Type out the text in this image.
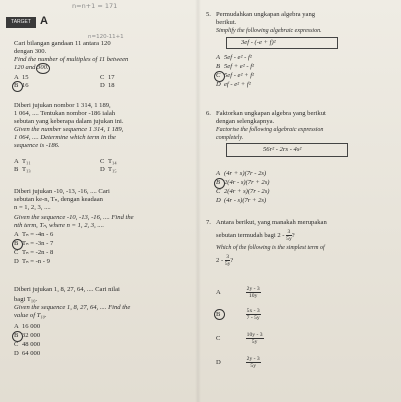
n=n+1 = 171
TARGET A
Cari bilangan gandaan 11 antara 120
dengan 300.
Find the number of multiples of 11 between
120 and 300.
n=120-11+1
A 15
B 16
C 17
D 18
Diberi jujukan nombor 1 314, 1 189,
1 064, .... Tentukan nombor -186 ialah
sebutan yang keberapa dalam jujukan ini.
Given the number sequence 1 314, 1 189,
1 064, .... Determine which term in the
sequence is -186.
A T₁₁
B T₁₃
C T₁₄
D T₁₅
Diberi jujukan -10, -13, -16, .... Cari
sebutan ke-n, Tₙ, dengan keadaan
n = 1, 2, 3, ....
Given the sequence -10, -13, -16, .... Find the
nth term, Tₙ, where n = 1, 2, 3, ....
A Tₙ = -4n - 6
B Tₙ = -3n - 7
C Tₙ = -2n - 8
D Tₙ = -n - 9
Diberi jujukan 1, 8, 27, 64, .... Cari nilai
bagi T₁₀.
Given the sequence 1, 8, 27, 64, .... Find the
value of T₁₀.
A 16 000
B 32 000
C 48 000
D 64 000
5. Permudahkan ungkapan algebra yang
berikut.
Simplify the following algebraic expression.
3ef - (-e + f)²
A 5ef - e² - f²
B 5ef + e² - f²
C 5ef - e² + f²
D ef - e² + f²
6. Faktorkan ungkapan algebra yang berikut
dengan selengkapnya.
Factorise the following algebraic expression
completely.
56r² - 2rs - 4s²
A (4r + s)(7r - 2s)
B 2(4r - s)(7r + 2s)
C 2(4r + s)(7r - 2s)
D (4r - s)(7r + 2s)
7. Antara berikut, yang manakah merupakan
sebutan termudah bagi $2 - \frac{3}{5y}$ ?
Which of the following is the simplest term of
$2 - \frac{3}{5y}$ ?
A	$\frac{2y - 3}{10y}$
B	$\frac{5x - 3}{7 - 5y}$
C	$\frac{10y - 3}{5y}$
D	$\frac{2y - 3}{5y}$
